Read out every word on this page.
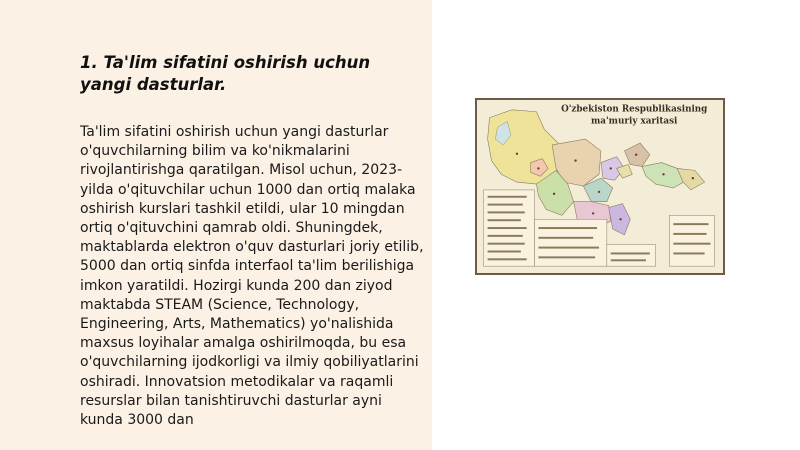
1. Ta'lim sifatini oshirish uchun yangi dasturlar.

Ta'lim sifatini oshirish uchun yangi dasturlar o'quvchilarning bilim va ko'nikmalarini rivojlantirishga qaratilgan. Misol uchun, 2023-yilda o'qituvchilar uchun 1000 dan ortiq malaka oshirish kurslari tashkil etildi, ular 10 mingdan ortiq o'qituvchini qamrab oldi. Shuningdek, maktablarda elektron o'quv dasturlari joriy etilib, 5000 dan ortiq sinfda interfaol ta'lim berilishiga imkon yaratildi. Hozirgi kunda 200 dan ziyod maktabda STEAM (Science, Technology, Engineering, Arts, Mathematics) yo'nalishida maxsus loyihalar amalga oshirilmoqda, bu esa o'quvchilarning ijodkorligi va ilmiy qobiliyatlarini oshiradi. Innovatsion metodikalar va raqamli resurslar bilan tanishtiruvchi dasturlar ayni kunda 3000 dan

O'zbekiston Respublikasining
ma'muriy xaritasi
